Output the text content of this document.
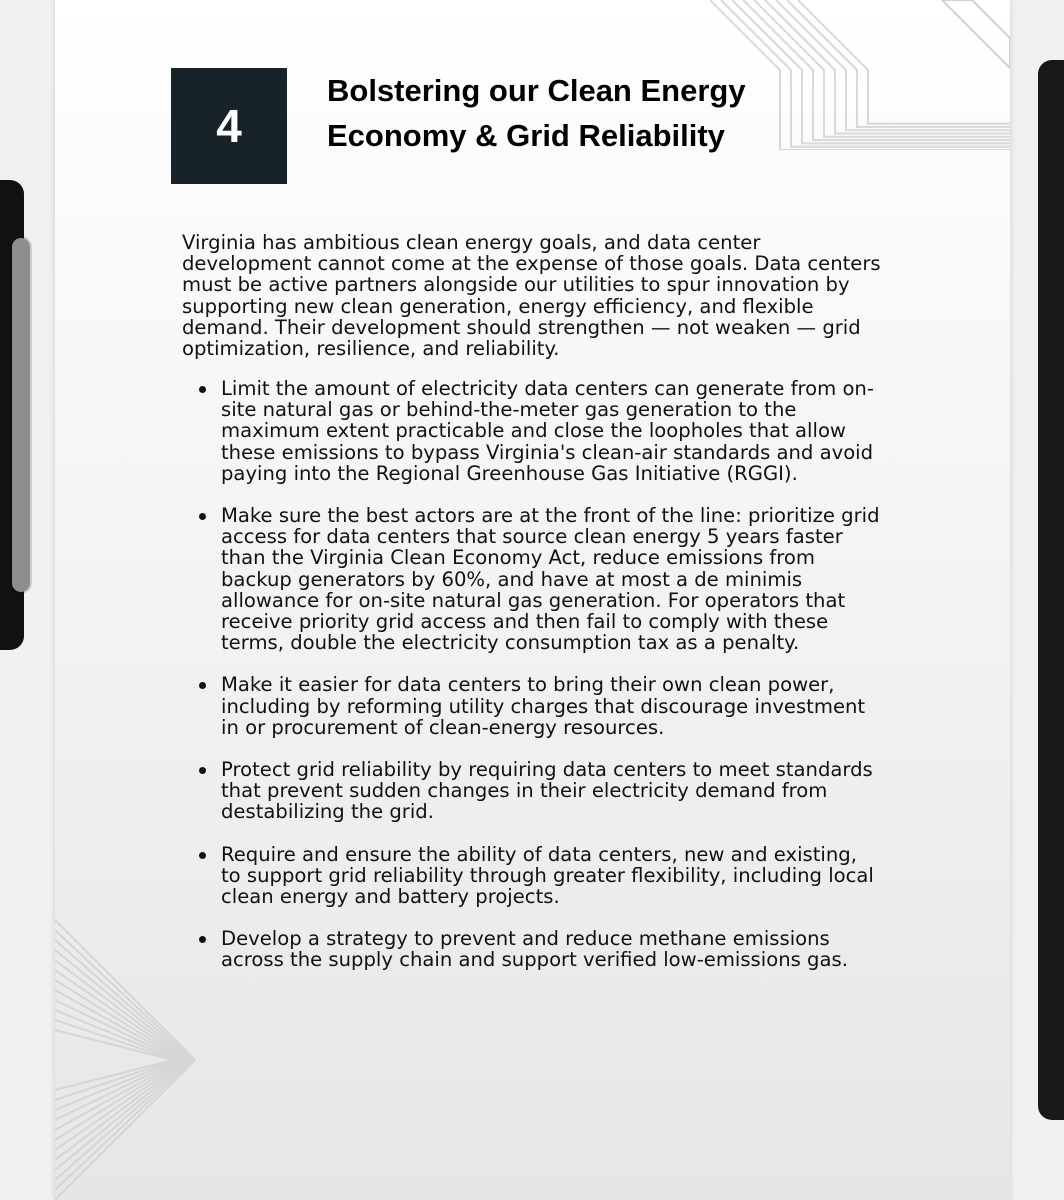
4
Bolstering our Clean Energy Economy & Grid Reliability

Virginia has ambitious clean energy goals, and data center development cannot come at the expense of those goals. Data centers must be active partners alongside our utilities to spur innovation by supporting new clean generation, energy efficiency, and flexible demand. Their development should strengthen — not weaken — grid optimization, resilience, and reliability.

Limit the amount of electricity data centers can generate from on-site natural gas or behind-the-meter gas generation to the maximum extent practicable and close the loopholes that allow these emissions to bypass Virginia's clean-air standards and avoid paying into the Regional Greenhouse Gas Initiative (RGGI).
Make sure the best actors are at the front of the line: prioritize grid access for data centers that source clean energy 5 years faster than the Virginia Clean Economy Act, reduce emissions from backup generators by 60%, and have at most a de minimis allowance for on-site natural gas generation. For operators that receive priority grid access and then fail to comply with these terms, double the electricity consumption tax as a penalty.
Make it easier for data centers to bring their own clean power, including by reforming utility charges that discourage investment in or procurement of clean-energy resources.
Protect grid reliability by requiring data centers to meet standards that prevent sudden changes in their electricity demand from destabilizing the grid.
Require and ensure the ability of data centers, new and existing, to support grid reliability through greater flexibility, including local clean energy and battery projects.
Develop a strategy to prevent and reduce methane emissions across the supply chain and support verified low-emissions gas.
